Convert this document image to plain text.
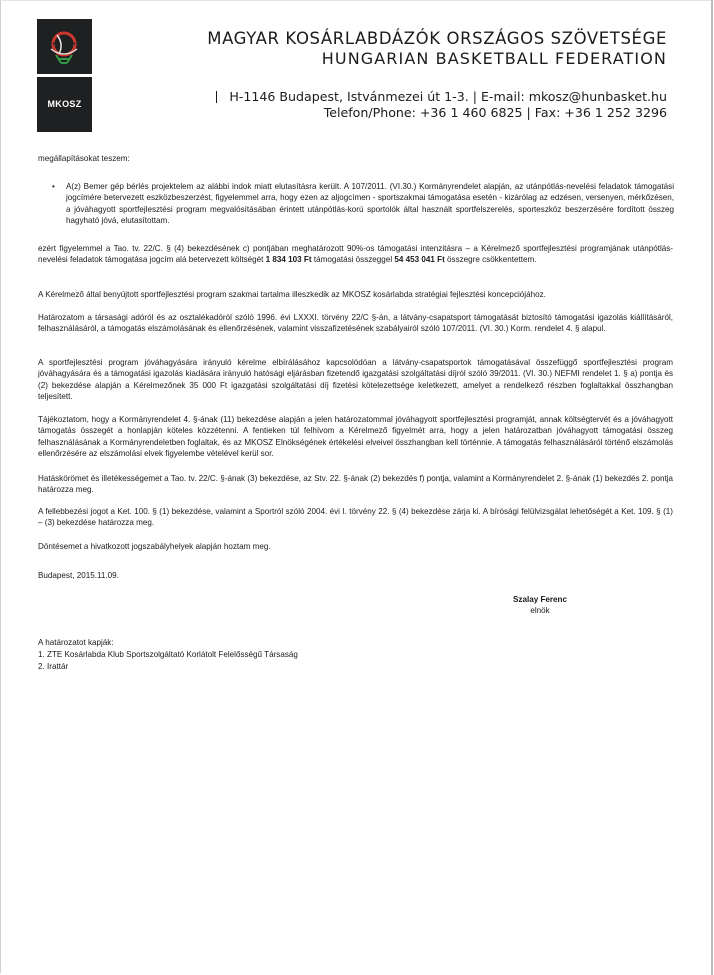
MKOSZ
MAGYAR KOSÁRLABDÁZÓK ORSZÁGOS SZÖVETSÉGE
HUNGARIAN BASKETBALL FEDERATION
H-1146 Budapest, Istvánmezei út 1-3. | E-mail: mkosz@hunbasket.hu
Telefon/Phone: +36 1 460 6825 | Fax: +36 1 252 3296
megállapításokat teszem:
• A(z) Bemer gép bérlés projektelem az alábbi indok miatt elutasításra került. A 107/2011. (VI.30.) Kormányrendelet alapján, az utánpótlás-nevelési feladatok támogatási jogcímére betervezett eszközbeszerzést, figyelemmel arra, hogy ezen az aljogcímen - sportszakmai támogatása esetén - kizárólag az edzésen, versenyen, mérkőzésen, a jóváhagyott sportfejlesztési program megvalósításában érintett utánpótlás-korú sportolók által használt sportfelszerelés, sporteszköz beszerzésére fordított összeg hagyható jóvá, elutasítottam.
ezért figyelemmel a Tao. tv. 22/C. § (4) bekezdésének c) pontjában meghatározott 90%-os támogatási intenzitásra – a Kérelmező sportfejlesztési programjának utánpótlás-nevelési feladatok támogatása jogcím alá betervezett költségét 1 834 103 Ft támogatási összeggel 54 453 041 Ft összegre csökkentettem.
A Kérelmező által benyújtott sportfejlesztési program szakmai tartalma illeszkedik az MKOSZ kosárlabda stratégiai fejlesztési koncepciójához.
Határozatom a társasági adóról és az osztalékadóról szóló 1996. évi LXXXI. törvény 22/C §-án, a látvány-csapatsport támogatását biztosító támogatási igazolás kiállításáról, felhasználásáról, a támogatás elszámolásának és ellenőrzésének, valamint visszafizetésének szabályairól szóló 107/2011. (VI. 30.) Korm. rendelet 4. § alapul.
A sportfejlesztési program jóváhagyására irányuló kérelme elbírálásához kapcsolódóan a látvány-csapatsportok támogatásával összefüggő sportfejlesztési program jóváhagyására és a támogatási igazolás kiadására irányuló hatósági eljárásban fizetendő igazgatási szolgáltatási díjról szóló 39/2011. (VI. 30.) NEFMI rendelet 1. § a) pontja és (2) bekezdése alapján a Kérelmezőnek 35 000 Ft igazgatási szolgáltatási díj fizetési kötelezettsége keletkezett, amelyet a rendelkező részben foglaltakkal összhangban teljesített.
Tájékoztatom, hogy a Kormányrendelet 4. §-ának (11) bekezdése alapján a jelen határozatommal jóváhagyott sportfejlesztési programját, annak költségtervét és a jóváhagyott támogatás összegét a honlapján köteles közzétenni. A fentieken túl felhívom a Kérelmező figyelmét arra, hogy a jelen határozatban jóváhagyott támogatási összeg felhasználásának a Kormányrendeletben foglaltak, és az MKOSZ Elnökségének értékelési elveivel összhangban kell történnie. A támogatás felhasználásáról történő elszámolás ellenőrzésére az elszámolási elvek figyelembe vételével kerül sor.
Hatáskörömet és illetékességemet a Tao. tv. 22/C. §-ának (3) bekezdése, az Stv. 22. §-ának (2) bekezdés f) pontja, valamint a Kormányrendelet 2. §-ának (1) bekezdés 2. pontja határozza meg.
A fellebbezési jogot a Ket. 100. § (1) bekezdése, valamint a Sportról szóló 2004. évi I. törvény 22. § (4) bekezdése zárja ki. A bírósági felülvizsgálat lehetőségét a Ket. 109. § (1) – (3) bekezdése határozza meg.
Döntésemet a hivatkozott jogszabályhelyek alapján hoztam meg.
Budapest, 2015.11.09.
Szalay Ferenc
elnök
A határozatot kapják:
1. ZTE Kosárlabda Klub Sportszolgáltató Korlátolt Felelősségű Társaság
2. Irattár
